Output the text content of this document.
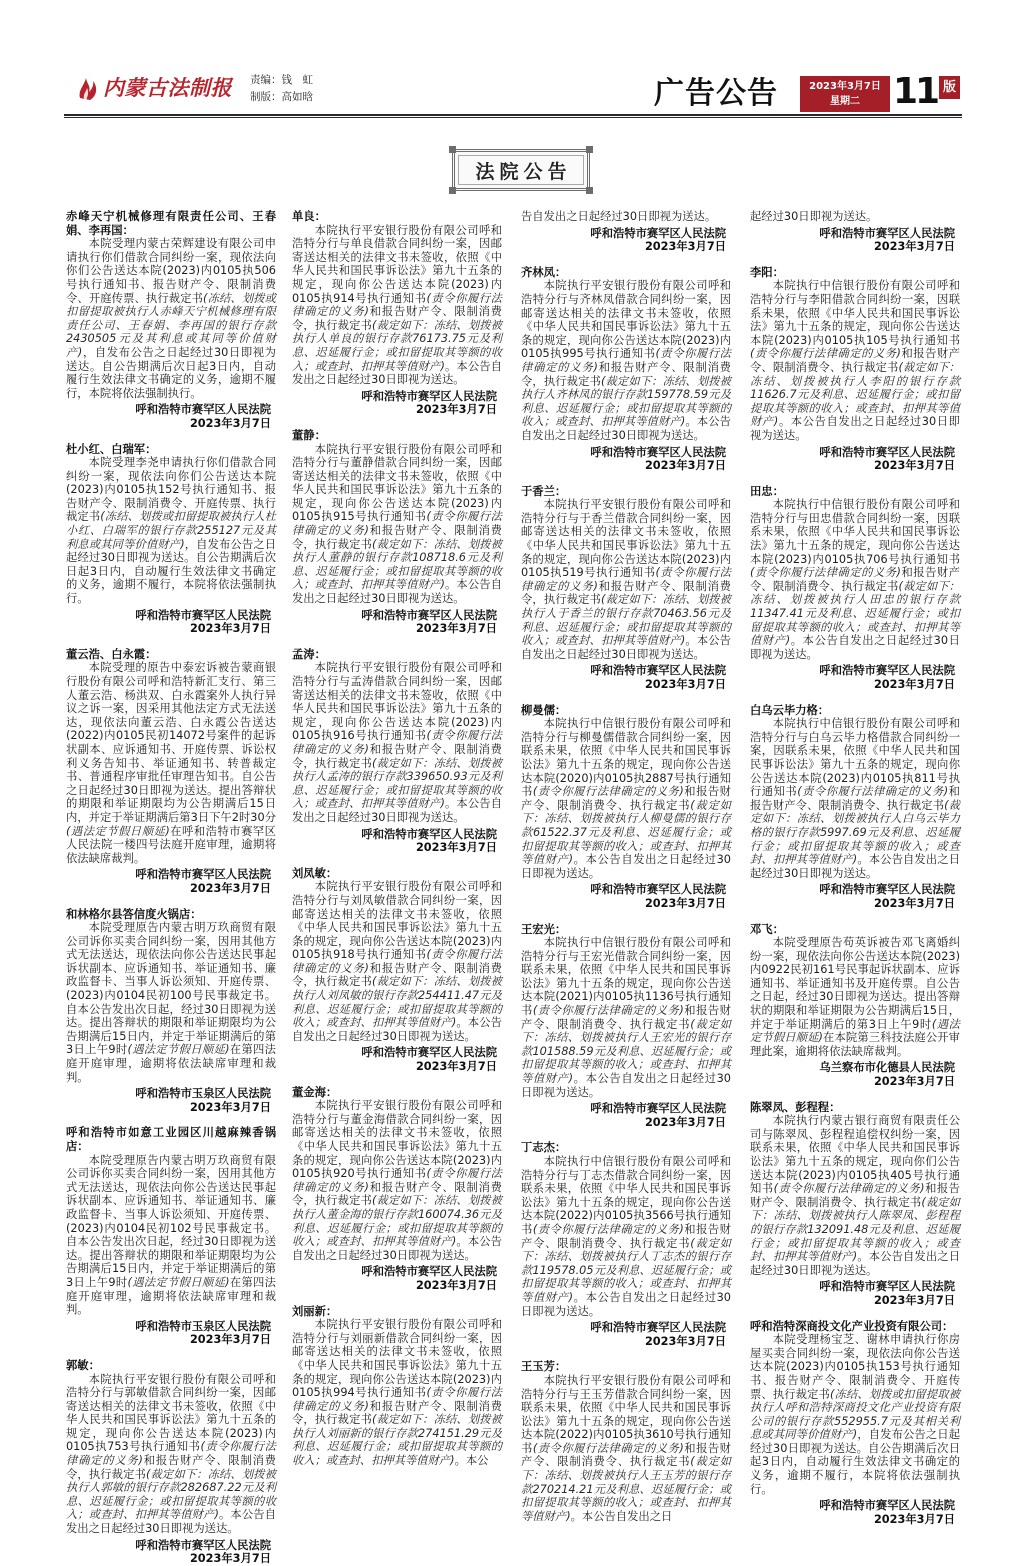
内蒙古法制报 责编：钱　虹
制版：高如晗	广告公告	2023年3月7日
星期二 11 版
法院公告
赤峰天宁机械修理有限责任公司、王春娟、李再国：
本院受理内蒙古荣辉建设有限公司申请执行你们借款合同纠纷一案，现依法向你们公告送达本院(2023)内0105执506号执行通知书、报告财产令、限制消费令、开庭传票、执行裁定书(冻结、划拨或扣留提取被执行人赤峰天宁机械修理有限责任公司、王春娟、李再国的银行存款2430505元及其利息或其同等价值财产)，自发布公告之日起经过30日即视为送达。自公告期满后次日起3日内，自动履行生效法律文书确定的义务，逾期不履行，本院将依法强制执行。
呼和浩特市赛罕区人民法院
2023年3月7日
杜小红、白瑞军：
本院受理李尧申请执行你们借款合同纠纷一案，现依法向你们公告送达本院(2023)内0105执152号执行通知书、报告财产令、限制消费令、开庭传票、执行裁定书(冻结、划拨或扣留提取被执行人杜小红、白瑞军的银行存款255127元及其利息或其同等价值财产)，自发布公告之日起经过30日即视为送达。自公告期满后次日起3日内，自动履行生效法律文书确定的义务，逾期不履行，本院将依法强制执行。
呼和浩特市赛罕区人民法院
2023年3月7日
董云浩、白永霞：
本院受理的原告中泰宏诉被告蒙商银行股份有限公司呼和浩特新汇支行、第三人董云浩、杨洪双、白永霞案外人执行异议之诉一案，因采用其他法定方式无法送达，现依法向董云浩、白永霞公告送达(2022)内0105民初14072号案件的起诉状副本、应诉通知书、开庭传票、诉讼权利义务告知书、举证通知书、转普裁定书、普通程序审批任审理告知书。自公告之日起经过30日即视为送达。提出答辩状的期限和举证期限均为公告期满后15日内，并定于举证期满后第3日下午2时30分(遇法定节假日顺延)在呼和浩特市赛罕区人民法院一楼四号法庭开庭审理，逾期将依法缺席裁判。
呼和浩特市赛罕区人民法院
2023年3月7日
和林格尔县答信度火锅店：
本院受理原告内蒙古明万玖商贸有限公司诉你买卖合同纠纷一案，因用其他方式无法送达，现依法向你公告送达民事起诉状副本、应诉通知书、举证通知书、廉政监督卡、当事人诉讼须知、开庭传票、(2023)内0104民初100号民事裁定书。自本公告发出次日起，经过30日即视为送达。提出答辩状的期限和举证期限均为公告期满后15日内，并定于举证期满后的第3日上午9时(遇法定节假日顺延)在第四法庭开庭审理，逾期将依法缺席审理和裁判。
呼和浩特市玉泉区人民法院
2023年3月7日
呼和浩特市如意工业园区川越麻辣香锅店：
本院受理原告内蒙古明万玖商贸有限公司诉你买卖合同纠纷一案，因用其他方式无法送达，现依法向你公告送达民事起诉状副本、应诉通知书、举证通知书、廉政监督卡、当事人诉讼须知、开庭传票、(2023)内0104民初102号民事裁定书。自本公告发出次日起，经过30日即视为送达。提出答辩状的期限和举证期限均为公告期满后15日内，并定于举证期满后的第3日上午9时(遇法定节假日顺延)在第四法庭开庭审理，逾期将依法缺席审理和裁判。
呼和浩特市玉泉区人民法院
2023年3月7日
郭敏：
本院执行平安银行股份有限公司呼和浩特分行与郭敏借款合同纠纷一案，因邮寄送达相关的法律文书未签收，依照《中华人民共和国民事诉讼法》第九十五条的规定，现向你公告送达本院(2023)内0105执753号执行通知书(责令你履行法律确定的义务)和报告财产令、限制消费令，执行裁定书(裁定如下：冻结、划拨被执行人郭敏的银行存款282687.22元及利息、迟延履行金；或扣留提取其等额的收入；或查封、扣押其等值财产)。本公告自发出之日起经过30日即视为送达。
呼和浩特市赛罕区人民法院
2023年3月7日
单良：
本院执行平安银行股份有限公司呼和浩特分行与单良借款合同纠纷一案，因邮寄送达相关的法律文书未签收，依照《中华人民共和国民事诉讼法》第九十五条的规定，现向你公告送达本院(2023)内0105执914号执行通知书(责令你履行法律确定的义务)和报告财产令、限制消费令，执行裁定书(裁定如下：冻结、划拨被执行人单良的银行存款76173.75元及利息、迟延履行金；或扣留提取其等额的收入；或查封、扣押其等值财产)。本公告自发出之日起经过30日即视为送达。
呼和浩特市赛罕区人民法院
2023年3月7日
董静：
本院执行平安银行股份有限公司呼和浩特分行与董静借款合同纠纷一案，因邮寄送达相关的法律文书未签收，依照《中华人民共和国民事诉讼法》第九十五条的规定，现向你公告送达本院(2023)内0105执915号执行通知书(责令你履行法律确定的义务)和报告财产令、限制消费令，执行裁定书(裁定如下：冻结、划拨被执行人董静的银行存款108718.6元及利息、迟延履行金；或扣留提取其等额的收入；或查封、扣押其等值财产)。本公告自发出之日起经过30日即视为送达。
呼和浩特市赛罕区人民法院
2023年3月7日
孟涛：
本院执行平安银行股份有限公司呼和浩特分行与孟涛借款合同纠纷一案，因邮寄送达相关的法律文书未签收，依照《中华人民共和国民事诉讼法》第九十五条的规定，现向你公告送达本院(2023)内0105执916号执行通知书(责令你履行法律确定的义务)和报告财产令、限制消费令，执行裁定书(裁定如下：冻结、划拨被执行人孟涛的银行存款339650.93元及利息、迟延履行金；或扣留提取其等额的收入；或查封、扣押其等值财产)。本公告自发出之日起经过30日即视为送达。
呼和浩特市赛罕区人民法院
2023年3月7日
刘凤敏：
本院执行平安银行股份有限公司呼和浩特分行与刘凤敏借款合同纠纷一案，因邮寄送达相关的法律文书未签收，依照《中华人民共和国民事诉讼法》第九十五条的规定，现向你公告送达本院(2023)内0105执918号执行通知书(责令你履行法律确定的义务)和报告财产令、限制消费令，执行裁定书(裁定如下：冻结、划拨被执行人刘凤敏的银行存款254411.47元及利息、迟延履行金；或扣留提取其等额的收入；或查封、扣押其等值财产)。本公告自发出之日起经过30日即视为送达。
呼和浩特市赛罕区人民法院
2023年3月7日
董金海：
本院执行平安银行股份有限公司呼和浩特分行与董金海借款合同纠纷一案，因邮寄送达相关的法律文书未签收，依照《中华人民共和国民事诉讼法》第九十五条的规定，现向你公告送达本院(2023)内0105执920号执行通知书(责令你履行法律确定的义务)和报告财产令、限制消费令，执行裁定书(裁定如下：冻结、划拨被执行人董金海的银行存款160074.36元及利息、迟延履行金；或扣留提取其等额的收入；或查封、扣押其等值财产)。本公告自发出之日起经过30日即视为送达。
呼和浩特市赛罕区人民法院
2023年3月7日
刘丽新：
本院执行平安银行股份有限公司呼和浩特分行与刘丽新借款合同纠纷一案，因邮寄送达相关的法律文书未签收，依照《中华人民共和国民事诉讼法》第九十五条的规定，现向你公告送达本院(2023)内0105执994号执行通知书(责令你履行法律确定的义务)和报告财产令、限制消费令，执行裁定书(裁定如下：冻结、划拨被执行人刘丽新的银行存款274151.29元及利息、迟延履行金；或扣留提取其等额的收入；或查封、扣押其等值财产)。本公
告自发出之日起经过30日即视为送达。
呼和浩特市赛罕区人民法院
2023年3月7日
齐林凤：
本院执行平安银行股份有限公司呼和浩特分行与齐林凤借款合同纠纷一案，因邮寄送达相关的法律文书未签收，依照《中华人民共和国民事诉讼法》第九十五条的规定，现向你公告送达本院(2023)内0105执995号执行通知书(责令你履行法律确定的义务)和报告财产令、限制消费令，执行裁定书(裁定如下：冻结、划拨被执行人齐林凤的银行存款159778.59元及利息、迟延履行金；或扣留提取其等额的收入；或查封、扣押其等值财产)。本公告自发出之日起经过30日即视为送达。
呼和浩特市赛罕区人民法院
2023年3月7日
于香兰：
本院执行平安银行股份有限公司呼和浩特分行与于香兰借款合同纠纷一案，因邮寄送达相关的法律文书未签收，依照《中华人民共和国民事诉讼法》第九十五条的规定，现向你公告送达本院(2023)内0105执519号执行通知书(责令你履行法律确定的义务)和报告财产令、限制消费令，执行裁定书(裁定如下：冻结、划拨被执行人于香兰的银行存款70463.56元及利息、迟延履行金；或扣留提取其等额的收入；或查封、扣押其等值财产)。本公告自发出之日起经过30日即视为送达。
呼和浩特市赛罕区人民法院
2023年3月7日
柳曼儒：
本院执行中信银行股份有限公司呼和浩特分行与柳曼儒借款合同纠纷一案，因联系未果，依照《中华人民共和国民事诉讼法》第九十五条的规定，现向你公告送达本院(2020)内0105执2887号执行通知书(责令你履行法律确定的义务)和报告财产令、限制消费令、执行裁定书(裁定如下：冻结、划拨被执行人柳曼儒的银行存款61522.37元及利息、迟延履行金；或扣留提取其等额的收入；或查封、扣押其等值财产)。本公告自发出之日起经过30日即视为送达。
呼和浩特市赛罕区人民法院
2023年3月7日
王宏光：
本院执行中信银行股份有限公司呼和浩特分行与王宏光借款合同纠纷一案，因联系未果，依照《中华人民共和国民事诉讼法》第九十五条的规定，现向你公告送达本院(2021)内0105执1136号执行通知书(责令你履行法律确定的义务)和报告财产令、限制消费令、执行裁定书(裁定如下：冻结、划拨被执行人王宏光的银行存款101588.59元及利息、迟延履行金；或扣留提取其等额的收入；或查封、扣押其等值财产)。本公告自发出之日起经过30日即视为送达。
呼和浩特市赛罕区人民法院
2023年3月7日
丁志杰：
本院执行中信银行股份有限公司呼和浩特分行与丁志杰借款合同纠纷一案，因联系未果，依照《中华人民共和国民事诉讼法》第九十五条的规定，现向你公告送达本院(2022)内0105执3566号执行通知书(责令你履行法律确定的义务)和报告财产令、限制消费令、执行裁定书(裁定如下：冻结、划拨被执行人丁志杰的银行存款119578.05元及利息、迟延履行金；或扣留提取其等额的收入；或查封、扣押其等值财产)。本公告自发出之日起经过30日即视为送达。
呼和浩特市赛罕区人民法院
2023年3月7日
王玉芳：
本院执行平安银行股份有限公司呼和浩特分行与王玉芳借款合同纠纷一案，因联系未果，依照《中华人民共和国民事诉讼法》第九十五条的规定，现向你公告送达本院(2022)内0105执3610号执行通知书(责令你履行法律确定的义务)和报告财产令、限制消费令、执行裁定书(裁定如下：冻结、划拨被执行人王玉芳的银行存款270214.21元及利息、迟延履行金；或扣留提取其等额的收入；或查封、扣押其等值财产)。本公告自发出之日
起经过30日即视为送达。
呼和浩特市赛罕区人民法院
2023年3月7日
李阳：
本院执行中信银行股份有限公司呼和浩特分行与李阳借款合同纠纷一案，因联系未果，依照《中华人民共和国民事诉讼法》第九十五条的规定，现向你公告送达本院(2023)内0105执105号执行通知书(责令你履行法律确定的义务)和报告财产令、限制消费令、执行裁定书(裁定如下：冻结、划拨被执行人李阳的银行存款11626.7元及利息、迟延履行金；或扣留提取其等额的收入；或查封、扣押其等值财产)。本公告自发出之日起经过30日即视为送达。
呼和浩特市赛罕区人民法院
2023年3月7日
田忠：
本院执行中信银行股份有限公司呼和浩特分行与田忠借款合同纠纷一案，因联系未果，依照《中华人民共和国民事诉讼法》第九十五条的规定，现向你公告送达本院(2023)内0105执706号执行通知书(责令你履行法律确定的义务)和报告财产令、限制消费令、执行裁定书(裁定如下：冻结、划拨被执行人田忠的银行存款11347.41元及利息、迟延履行金；或扣留提取其等额的收入；或查封、扣押其等值财产)。本公告自发出之日起经过30日即视为送达。
呼和浩特市赛罕区人民法院
2023年3月7日
白乌云毕力格：
本院执行中信银行股份有限公司呼和浩特分行与白乌云毕力格借款合同纠纷一案，因联系未果，依照《中华人民共和国民事诉讼法》第九十五条的规定，现向你公告送达本院(2023)内0105执811号执行通知书(责令你履行法律确定的义务)和报告财产令、限制消费令、执行裁定书(裁定如下：冻结、划拨被执行人白乌云毕力格的银行存款5997.69元及利息、迟延履行金；或扣留提取其等额的收入；或查封、扣押其等值财产)。本公告自发出之日起经过30日即视为送达。
呼和浩特市赛罕区人民法院
2023年3月7日
邓飞：
本院受理原告苟英诉被告邓飞离婚纠纷一案，现依法向你公告送达本院(2023)内0922民初161号民事起诉状副本、应诉通知书、举证通知书及开庭传票。自公告之日起，经过30日即视为送达。提出答辩状的期限和举证期限为公告期满后15日，并定于举证期满后的第3日上午9时(遇法定节假日顺延)在本院第三科技法庭公开审理此案，逾期将依法缺席裁判。
乌兰察布市化德县人民法院
2023年3月7日
陈翠凤、彭程程：
本院执行内蒙古银行商贸有限责任公司与陈翠凤、彭程程追偿权纠纷一案，因联系未果，依照《中华人民共和国民事诉讼法》第九十五条的规定，现向你们公告送达本院(2023)内0105执405号执行通知书(责令你履行法律确定的义务)和报告财产令、限制消费令、执行裁定书(裁定如下：冻结、划拨被执行人陈翠凤、彭程程的银行存款132091.48元及利息、迟延履行金；或扣留提取其等额的收入；或查封、扣押其等值财产)。本公告自发出之日起经过30日即视为送达。
呼和浩特市赛罕区人民法院
2023年3月7日
呼和浩特深商投文化产业投资有限公司：
本院受理杨宝芝、谢林申请执行你房屋买卖合同纠纷一案，现依法向你公告送达本院(2023)内0105执153号执行通知书、报告财产令、限制消费令、开庭传票、执行裁定书(冻结、划拨或扣留提取被执行人呼和浩特深商投文化产业投资有限公司的银行存款552955.7元及其相关利息或其同等价值财产)，自发布公告之日起经过30日即视为送达。自公告期满后次日起3日内，自动履行生效法律文书确定的义务，逾期不履行，本院将依法强制执行。
呼和浩特市赛罕区人民法院
2023年3月7日
